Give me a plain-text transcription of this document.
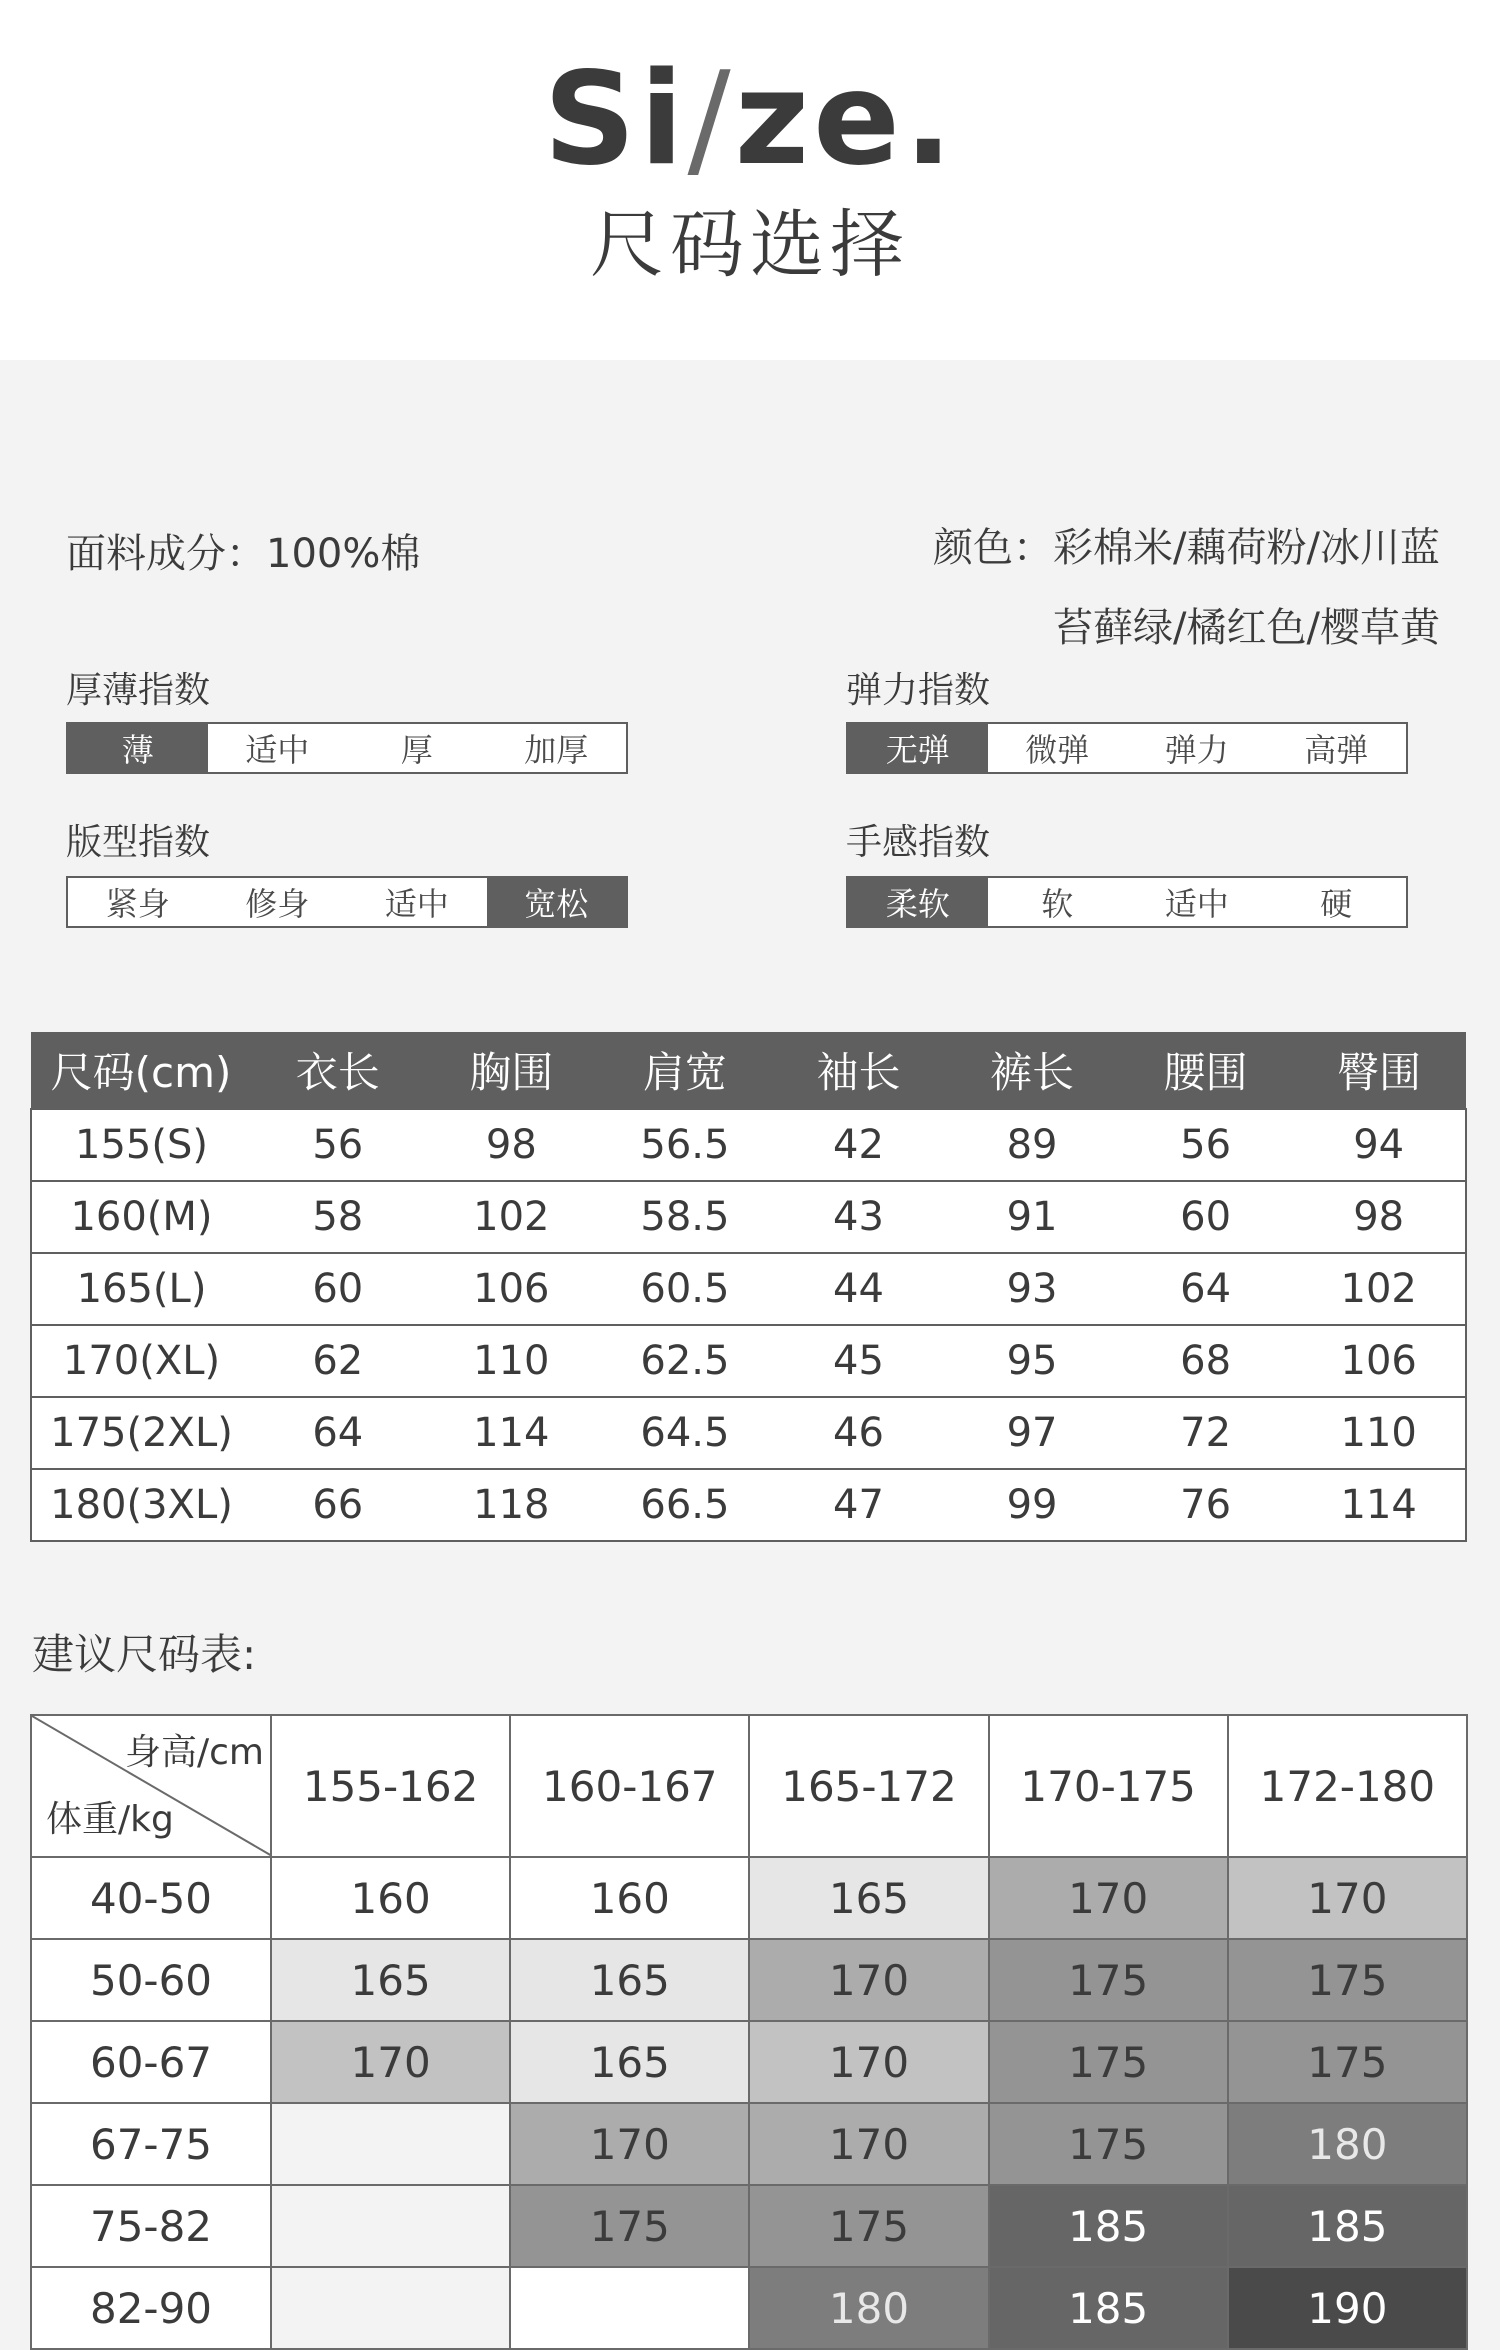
Si/ze.
尺码选择
面料成分：100%棉	颜色：彩棉米/藕荷粉/冰川蓝
苔藓绿/橘红色/樱草黄
厚薄指数
薄	适中	厚	加厚
弹力指数
无弹	微弹	弹力	高弹
版型指数
紧身	修身	适中	宽松
手感指数
柔软	软	适中	硬
尺码(cm)	衣长	胸围	肩宽	袖长	裤长	腰围	臀围
155(S)	56	98	56.5	42	89	56	94
160(M)	58	102	58.5	43	91	60	98
165(L)	60	106	60.5	44	93	64	102
170(XL)	62	110	62.5	45	95	68	106
175(2XL)	64	114	64.5	46	97	72	110
180(3XL)	66	118	66.5	47	99	76	114
建议尺码表:
身高/cm
体重/kg	155-162	160-167	165-172	170-175	172-180
40-50	160	160	165	170	170
50-60	165	165	170	175	175
60-67	170	165	170	175	175
67-75		170	170	175	180
75-82		175	175	185	185
82-90			180	185	190
